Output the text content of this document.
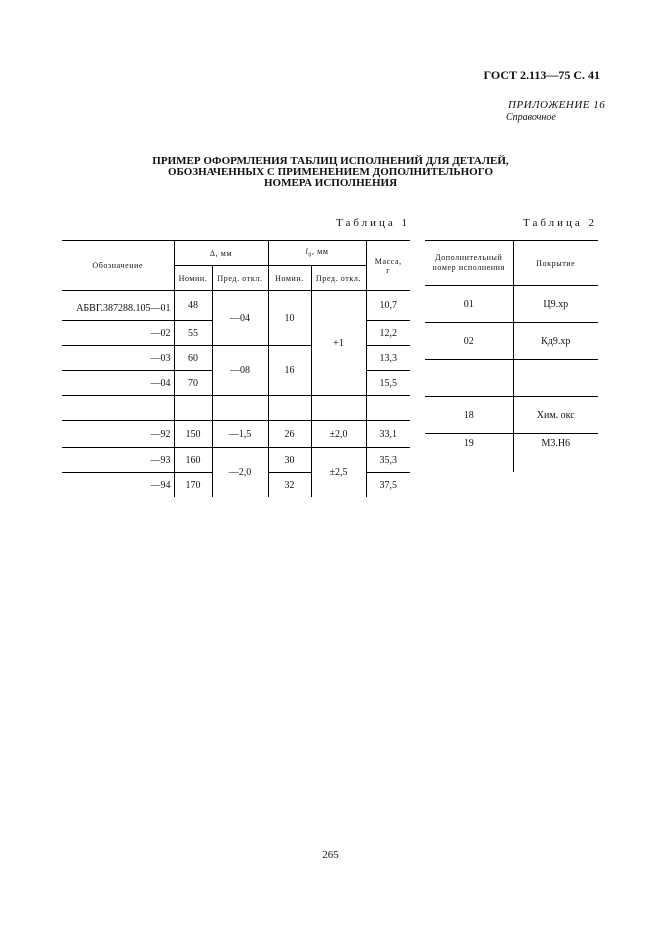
ГОСТ 2.113—75 С. 41
ПРИЛОЖЕНИЕ 16
Справочное
ПРИМЕР ОФОРМЛЕНИЯ ТАБЛИЦ ИСПОЛНЕНИЙ ДЛЯ ДЕТАЛЕЙ,
ОБОЗНАЧЕННЫХ С ПРИМЕНЕНИЕМ ДОПОЛНИТЕЛЬНОГО
НОМЕРА ИСПОЛНЕНИЯ
Таблица 1	Таблица 2
Обозначение	Δ, мм		$l_0$, мм		Масса,
г
	Номин.	Пред. откл.	Номин.	Пред. откл.	
АБВГ.387288.105—01	48	—04	10	+1	10,7
—02	55				12,2
—03	60	—08	16		13,3
—04	70				15,5

—92	150	—1,5	26	±2,0	33,1
—93	160	—2,0	30	±2,5	35,3
—94	170		32		37,5
Дополнительный номер исполнения	Покрытие
01	Ц9.хр
02	Кд9.хр

18	Хим. окс
19	М3.Н6
265
